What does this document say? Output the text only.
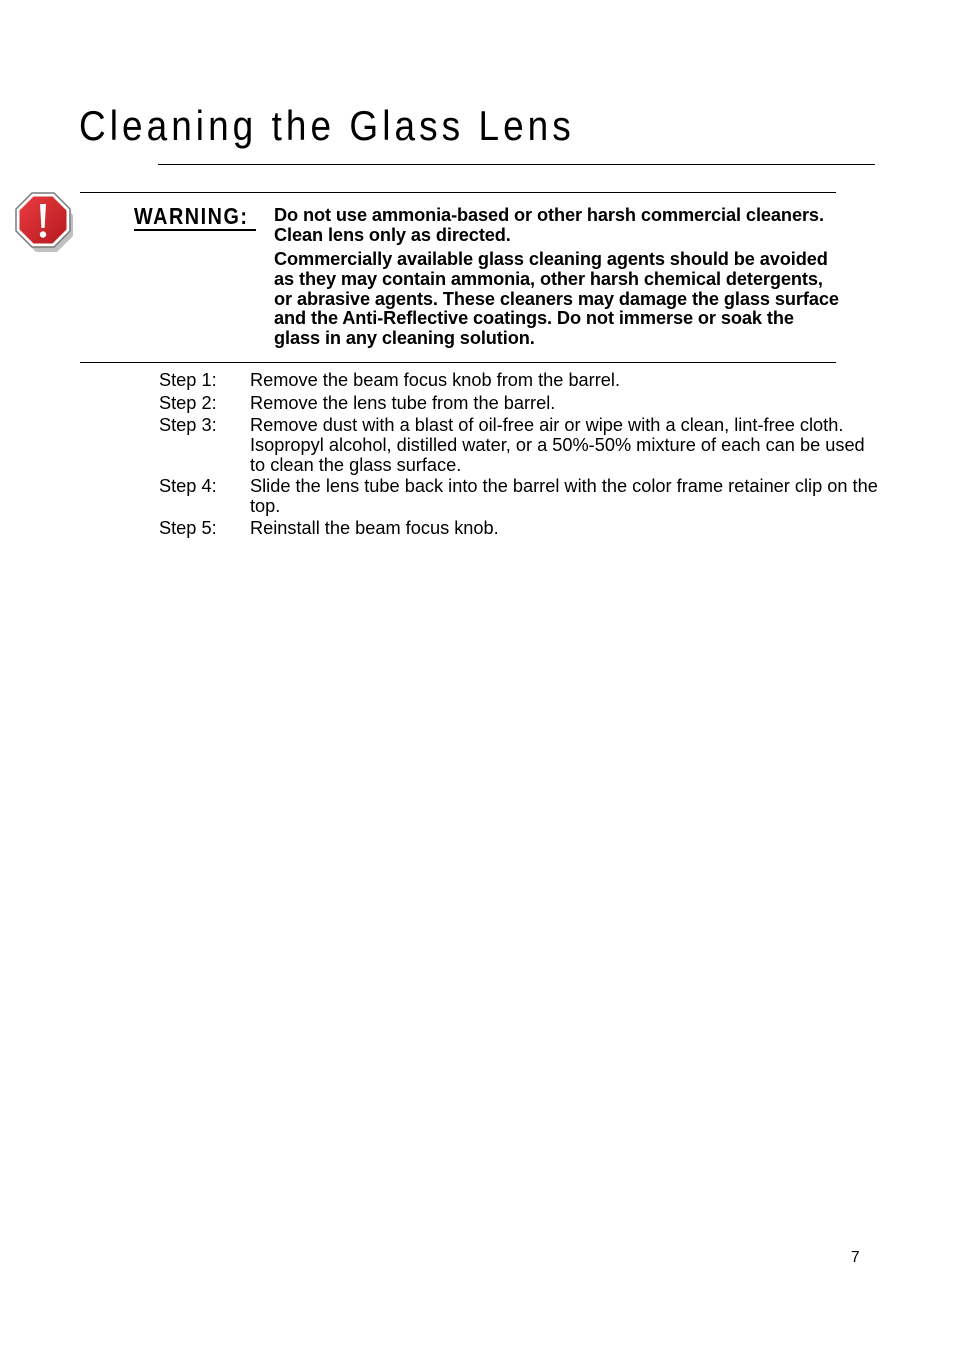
Cleaning the Glass Lens
WARNING: Do not use ammonia-based or other harsh commercial cleaners. Clean lens only as directed.

Commercially available glass cleaning agents should be avoided as they may contain ammonia, other harsh chemical detergents, or abrasive agents. These cleaners may damage the glass surface and the Anti-Reflective coatings. Do not immerse or soak the glass in any cleaning solution.

Step 1: Remove the beam focus knob from the barrel.
Step 2: Remove the lens tube from the barrel.
Step 3: Remove dust with a blast of oil-free air or wipe with a clean, lint-free cloth. Isopropyl alcohol, distilled water, or a 50%-50% mixture of each can be used to clean the glass surface.
Step 4: Slide the lens tube back into the barrel with the color frame retainer clip on the top.
Step 5: Reinstall the beam focus knob.
7
